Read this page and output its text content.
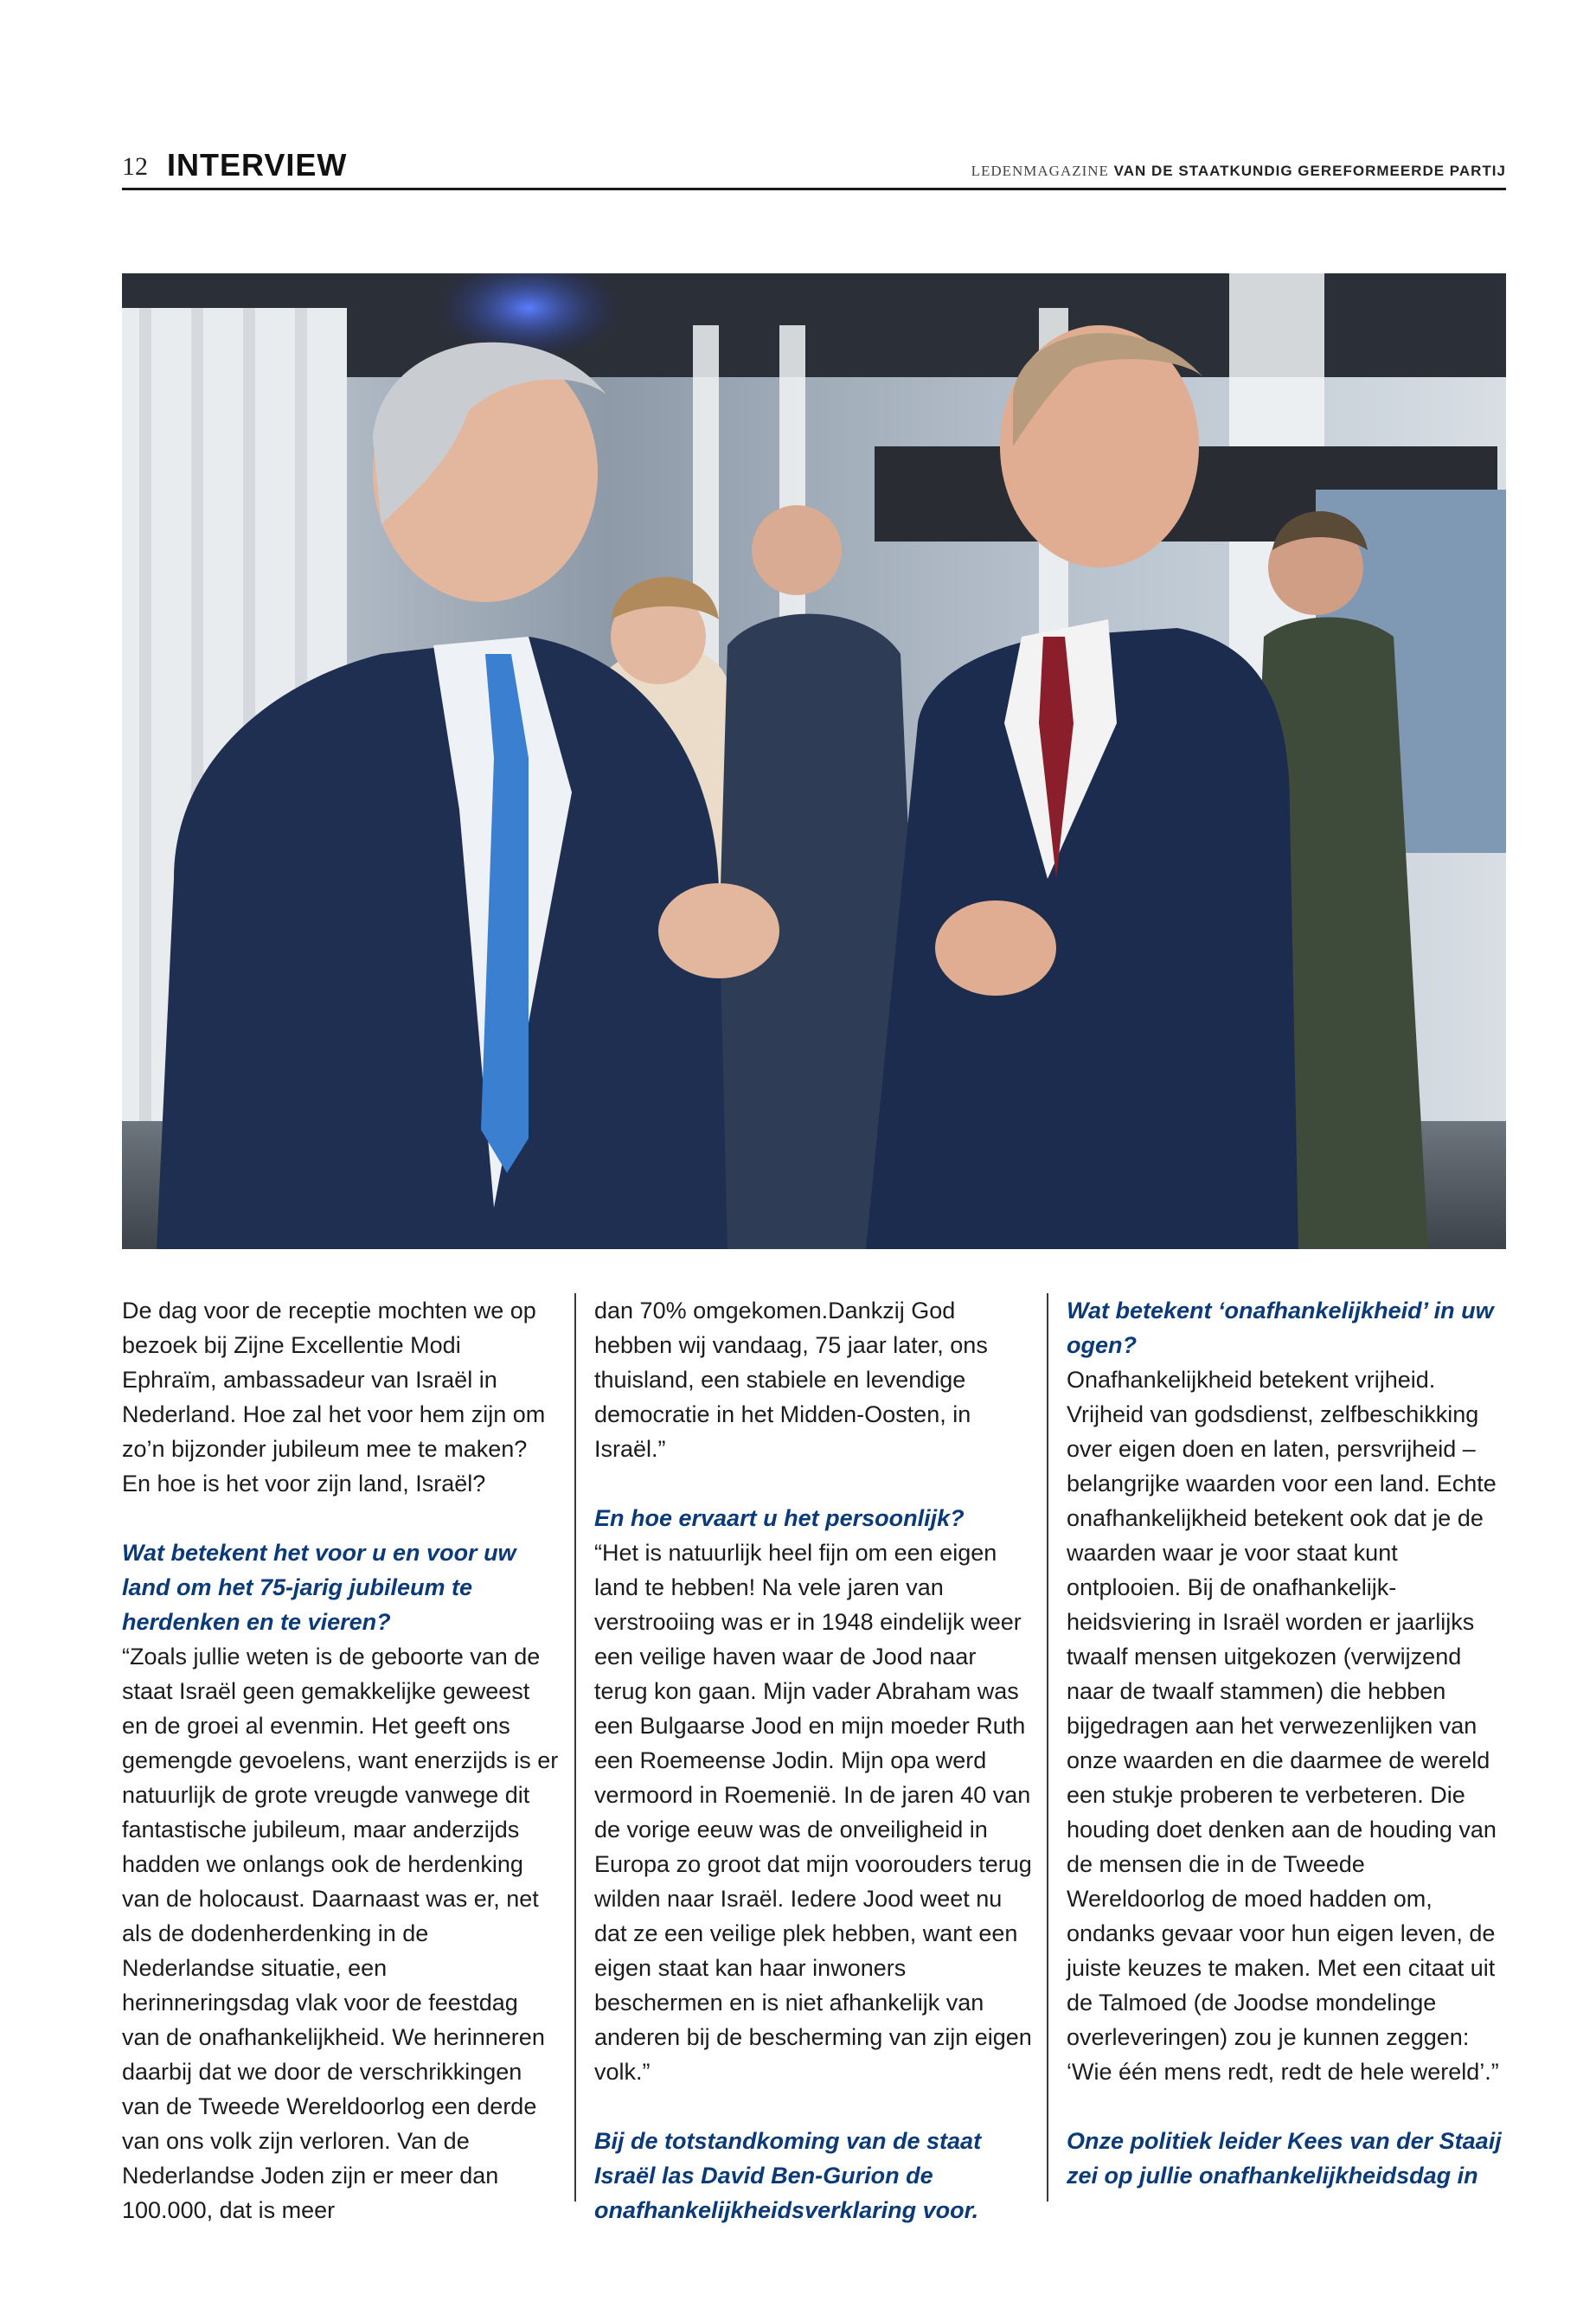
12 INTERVIEW	LEDENMAGAZINE VAN DE STAATKUNDIG GEREFORMEERDE PARTIJ

De dag voor de receptie mochten we op bezoek bij Zijne Excellentie Modi Ephraïm, ambassadeur van Israël in Nederland. Hoe zal het voor hem zijn om zo’n bijzonder jubileum mee te maken? En hoe is het voor zijn land, Israël?

Wat betekent het voor u en voor uw land om het 75-jarig jubileum te herdenken en te vieren?

“Zoals jullie weten is de geboorte van de staat Israël geen gemakkelijke geweest en de groei al evenmin. Het geeft ons gemengde gevoelens, want enerzijds is er natuurlijk de grote vreugde vanwege dit fantastische jubileum, maar anderzijds hadden we onlangs ook de herdenking van de holocaust. Daarnaast was er, net als de dodenherdenking in de Nederlandse situatie, een herinneringsdag vlak voor de feestdag van de onafhankelijkheid. We herinneren daarbij dat we door de verschrikkingen van de Tweede Wereldoorlog een derde van ons volk zijn verloren. Van de Nederlandse Joden zijn er meer dan 100.000, dat is meer

dan 70% omgekomen.Dankzij God hebben wij vandaag, 75 jaar later, ons thuisland, een stabiele en levendige democratie in het Midden-Oosten, in Israël.”

En hoe ervaart u het persoonlijk?

“Het is natuurlijk heel fijn om een eigen land te hebben! Na vele jaren van verstrooiing was er in 1948 eindelijk weer een veilige haven waar de Jood naar terug kon gaan. Mijn vader Abraham was een Bulgaarse Jood en mijn moeder Ruth een Roemeense Jodin. Mijn opa werd vermoord in Roemenië. In de jaren 40 van de vorige eeuw was de onveiligheid in Europa zo groot dat mijn voorouders terug wilden naar Israël. Iedere Jood weet nu dat ze een veilige plek hebben, want een eigen staat kan haar inwoners beschermen en is niet afhankelijk van anderen bij de bescherming van zijn eigen volk.”

Bij de totstandkoming van de staat Israël las David Ben-Gurion de onafhankelijkheidsverklaring voor.

Wat betekent ‘onafhankelijkheid’ in uw ogen?

Onafhankelijkheid betekent vrijheid. Vrijheid van godsdienst, zelfbeschikking over eigen doen en laten, persvrijheid – belangrijke waarden voor een land. Echte onafhankelijkheid betekent ook dat je de waarden waar je voor staat kunt ontplooien. Bij de onafhankelijkheidsviering in Israël worden er jaarlijks twaalf mensen uitgekozen (verwijzend naar de twaalf stammen) die hebben bijgedragen aan het verwezenlijken van onze waarden en die daarmee de wereld een stukje proberen te verbeteren. Die houding doet denken aan de houding van de mensen die in de Tweede Wereldoorlog de moed hadden om, ondanks gevaar voor hun eigen leven, de juiste keuzes te maken. Met een citaat uit de Talmoed (de Joodse mondelinge overleveringen) zou je kunnen zeggen: ‘Wie één mens redt, redt de hele wereld’.”

Onze politiek leider Kees van der Staaij zei op jullie onafhankelijkheidsdag in
